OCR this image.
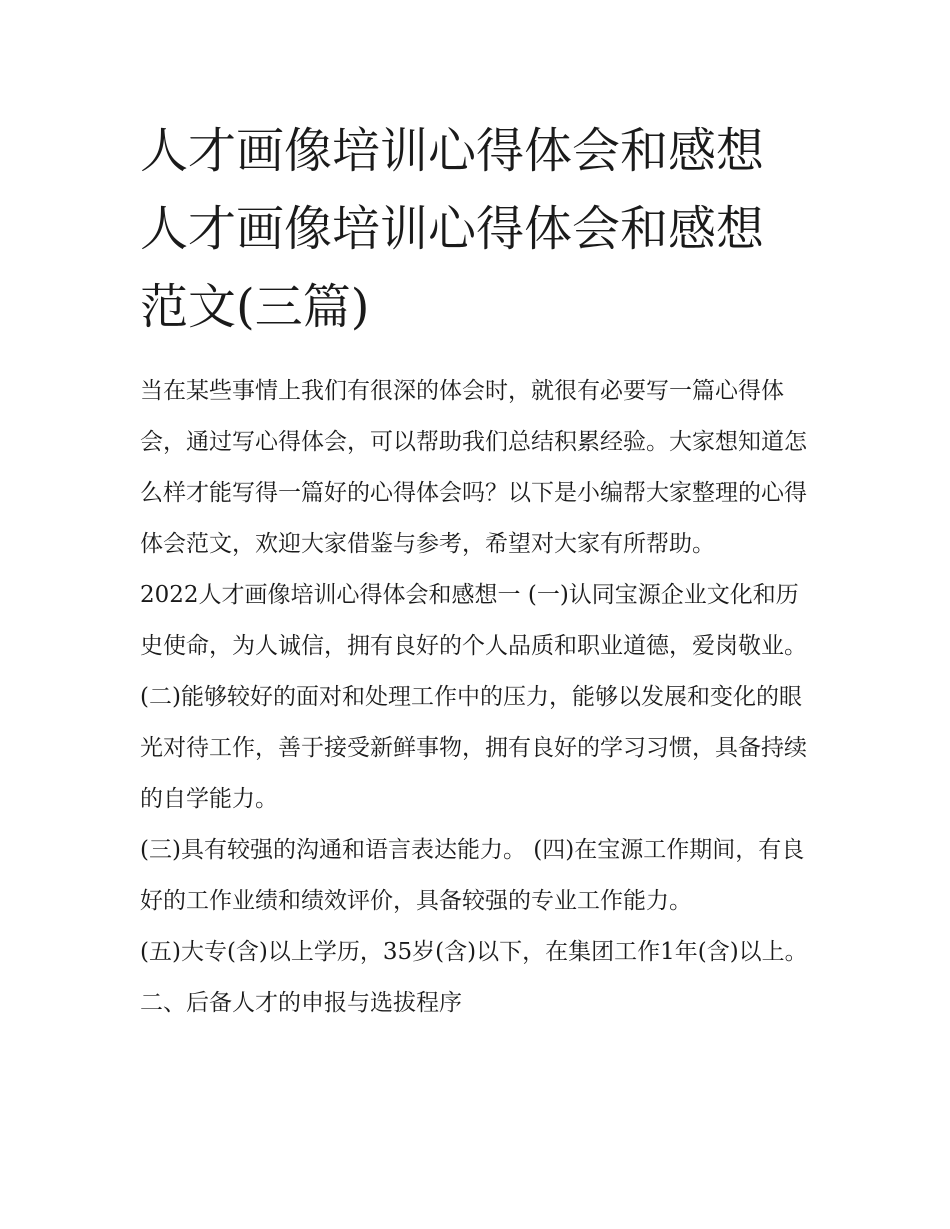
人才画像培训心得体会和感想
人才画像培训心得体会和感想
范文(三篇)

当在某些事情上我们有很深的体会时，就很有必要写一篇心得体会，通过写心得体会，可以帮助我们总结积累经验。大家想知道怎么样才能写得一篇好的心得体会吗？以下是小编帮大家整理的心得体会范文，欢迎大家借鉴与参考，希望对大家有所帮助。

2022人才画像培训心得体会和感想一 (一)认同宝源企业文化和历史使命，为人诚信，拥有良好的个人品质和职业道德，爱岗敬业。

(二)能够较好的面对和处理工作中的压力，能够以发展和变化的眼光对待工作，善于接受新鲜事物，拥有良好的学习习惯，具备持续的自学能力。

(三)具有较强的沟通和语言表达能力。 (四)在宝源工作期间，有良好的工作业绩和绩效评价，具备较强的专业工作能力。

(五)大专(含)以上学历，35岁(含)以下，在集团工作1年(含)以上。 二、后备人才的申报与选拔程序
